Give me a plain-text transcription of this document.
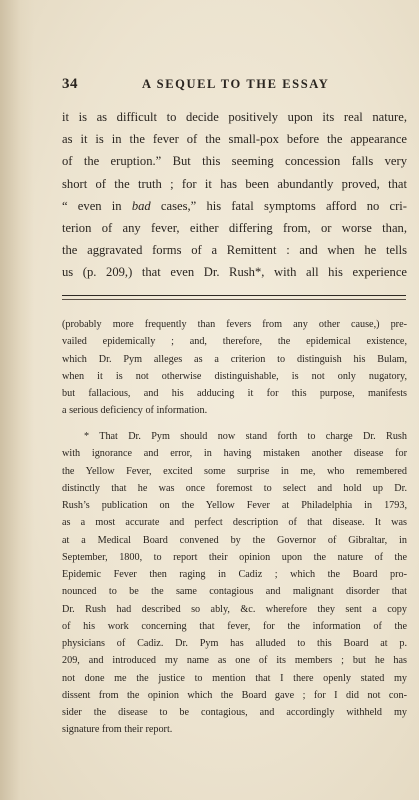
34	A SEQUEL TO THE ESSAY
it is as difficult to decide positively upon its real nature,
as it is in the fever of the small-pox before the appearance
of the eruption.” But this seeming concession falls very
short of the truth ; for it has been abundantly proved, that
“ even in bad cases,” his fatal symptoms afford no cri-
terion of any fever, either differing from, or worse than,
the aggravated forms of a Remittent : and when he tells
us (p. 209,) that even Dr. Rush*, with all his experience
(probably more frequently than fevers from any other cause,) pre-
vailed epidemically ; and, therefore, the epidemical existence,
which Dr. Pym alleges as a criterion to distinguish his Bulam,
when it is not otherwise distinguishable, is not only nugatory,
but fallacious, and his adducing it for this purpose, manifests
a serious deficiency of information.
* That Dr. Pym should now stand forth to charge Dr. Rush
with ignorance and error, in having mistaken another disease for
the Yellow Fever, excited some surprise in me, who remembered
distinctly that he was once foremost to select and hold up Dr.
Rush’s publication on the Yellow Fever at Philadelphia in 1793,
as a most accurate and perfect description of that disease. It was
at a Medical Board convened by the Governor of Gibraltar, in
September, 1800, to report their opinion upon the nature of the
Epidemic Fever then raging in Cadiz ; which the Board pro-
nounced to be the same contagious and malignant disorder that
Dr. Rush had described so ably, &c. wherefore they sent a copy
of his work concerning that fever, for the information of the
physicians of Cadiz. Dr. Pym has alluded to this Board at p.
209, and introduced my name as one of its members ; but he has
not done me the justice to mention that I there openly stated my
dissent from the opinion which the Board gave ; for I did not con-
sider the disease to be contagious, and accordingly withheld my
signature from their report.
